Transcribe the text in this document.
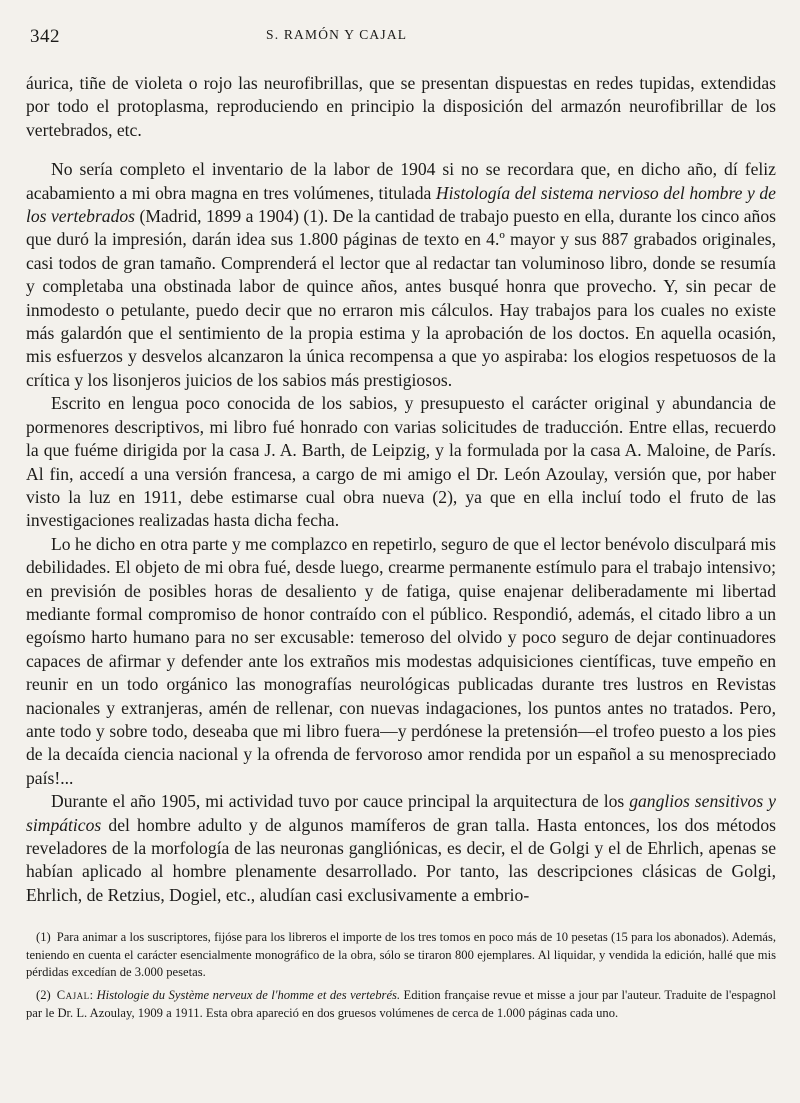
342	S. RAMÓN Y CAJAL

áurica, tiñe de violeta o rojo las neurofibrillas, que se presentan dispuestas en redes tupidas, extendidas por todo el protoplasma, reproduciendo en principio la disposición del armazón neurofibrillar de los vertebrados, etc.

No sería completo el inventario de la labor de 1904 si no se recordara que, en dicho año, dí feliz acabamiento a mi obra magna en tres volúmenes, titulada Histología del sistema nervioso del hombre y de los vertebrados (Madrid, 1899 a 1904) (1). De la cantidad de trabajo puesto en ella, durante los cinco años que duró la impresión, darán idea sus 1.800 páginas de texto en 4.º mayor y sus 887 grabados originales, casi todos de gran tamaño. Comprenderá el lector que al redactar tan voluminoso libro, donde se resumía y completaba una obstinada labor de quince años, antes busqué honra que provecho. Y, sin pecar de inmodesto o petulante, puedo decir que no erraron mis cálculos. Hay trabajos para los cuales no existe más galardón que el sentimiento de la propia estima y la aprobación de los doctos. En aquella ocasión, mis esfuerzos y desvelos alcanzaron la única recompensa a que yo aspiraba: los elogios respetuosos de la crítica y los lisonjeros juicios de los sabios más prestigiosos.

Escrito en lengua poco conocida de los sabios, y presupuesto el carácter original y abundancia de pormenores descriptivos, mi libro fué honrado con varias solicitudes de traducción. Entre ellas, recuerdo la que fuéme dirigida por la casa J. A. Barth, de Leipzig, y la formulada por la casa A. Maloine, de París. Al fin, accedí a una versión francesa, a cargo de mi amigo el Dr. León Azoulay, versión que, por haber visto la luz en 1911, debe estimarse cual obra nueva (2), ya que en ella incluí todo el fruto de las investigaciones realizadas hasta dicha fecha.

Lo he dicho en otra parte y me complazco en repetirlo, seguro de que el lector benévolo disculpará mis debilidades. El objeto de mi obra fué, desde luego, crearme permanente estímulo para el trabajo intensivo; en previsión de posibles horas de desaliento y de fatiga, quise enajenar deliberadamente mi libertad mediante formal compromiso de honor contraído con el público. Respondió, además, el citado libro a un egoísmo harto humano para no ser excusable: temeroso del olvido y poco seguro de dejar continuadores capaces de afirmar y defender ante los extraños mis modestas adquisiciones científicas, tuve empeño en reunir en un todo orgánico las monografías neurológicas publicadas durante tres lustros en Revistas nacionales y extranjeras, amén de rellenar, con nuevas indagaciones, los puntos antes no tratados. Pero, ante todo y sobre todo, deseaba que mi libro fuera—y perdónese la pretensión—el trofeo puesto a los pies de la decaída ciencia nacional y la ofrenda de fervoroso amor rendida por un español a su menospreciado país!...

Durante el año 1905, mi actividad tuvo por cauce principal la arquitectura de los ganglios sensitivos y simpáticos del hombre adulto y de algunos mamíferos de gran talla. Hasta entonces, los dos métodos reveladores de la morfología de las neuronas gangliónicas, es decir, el de Golgi y el de Ehrlich, apenas se habían aplicado al hombre plenamente desarrollado. Por tanto, las descripciones clásicas de Golgi, Ehrlich, de Retzius, Dogiel, etc., aludían casi exclusivamente a embrio-

(1) Para animar a los suscriptores, fijóse para los libreros el importe de los tres tomos en poco más de 10 pesetas (15 para los abonados). Además, teniendo en cuenta el carácter esencialmente monográfico de la obra, sólo se tiraron 800 ejemplares. Al liquidar, y vendida la edición, hallé que mis pérdidas excedían de 3.000 pesetas.

(2) Cajal: Histologie du Système nerveux de l'homme et des vertebrés. Edition française revue et misse a jour par l'auteur. Traduite de l'espagnol par le Dr. L. Azoulay, 1909 a 1911. Esta obra apareció en dos gruesos volúmenes de cerca de 1.000 páginas cada uno.
